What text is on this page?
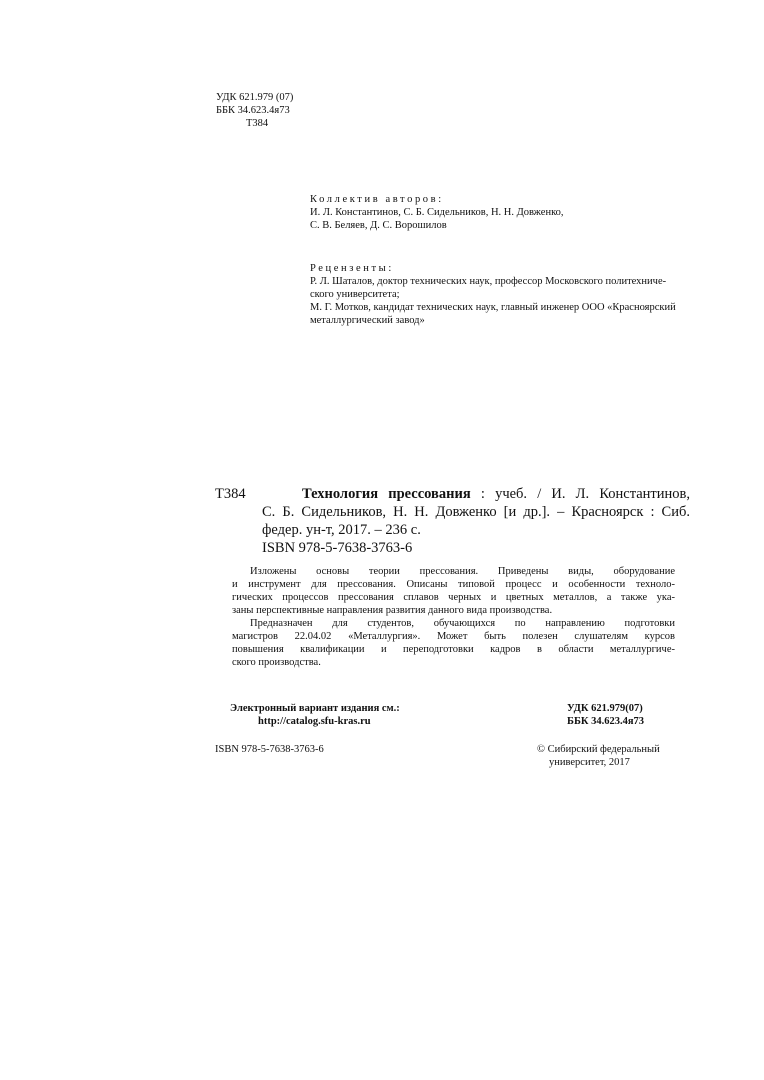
УДК 621.979 (07)
ББК 34.623.4я73
Т384
Коллектив авторов:
И. Л. Константинов, С. Б. Сидельников, Н. Н. Довженко,
С. В. Беляев, Д. С. Ворошилов
Рецензенты:
Р. Л. Шаталов, доктор технических наук, профессор Московского политехниче-
ского университета;
М. Г. Мотков, кандидат технических наук, главный инженер ООО «Красноярский
металлургический завод»
Т384	Технология прессования : учеб. / И. Л. Константинов,
С. Б. Сидельников, Н. Н. Довженко [и др.]. – Красноярск : Сиб.
федер. ун-т, 2017. – 236 с.
ISBN 978-5-7638-3763-6
Изложены основы теории прессования. Приведены виды, оборудование
и инструмент для прессования. Описаны типовой процесс и особенности техноло-
гических процессов прессования сплавов черных и цветных металлов, а также ука-
заны перспективные направления развития данного вида производства.
Предназначен для студентов, обучающихся по направлению подготовки
магистров 22.04.02 «Металлургия». Может быть полезен слушателям курсов
повышения квалификации и переподготовки кадров в области металлургиче-
ского производства.
Электронный вариант издания см.:
http://catalog.sfu-kras.ru
УДК 621.979(07)
ББК 34.623.4я73
ISBN 978-5-7638-3763-6	© Сибирский федеральный
университет, 2017
